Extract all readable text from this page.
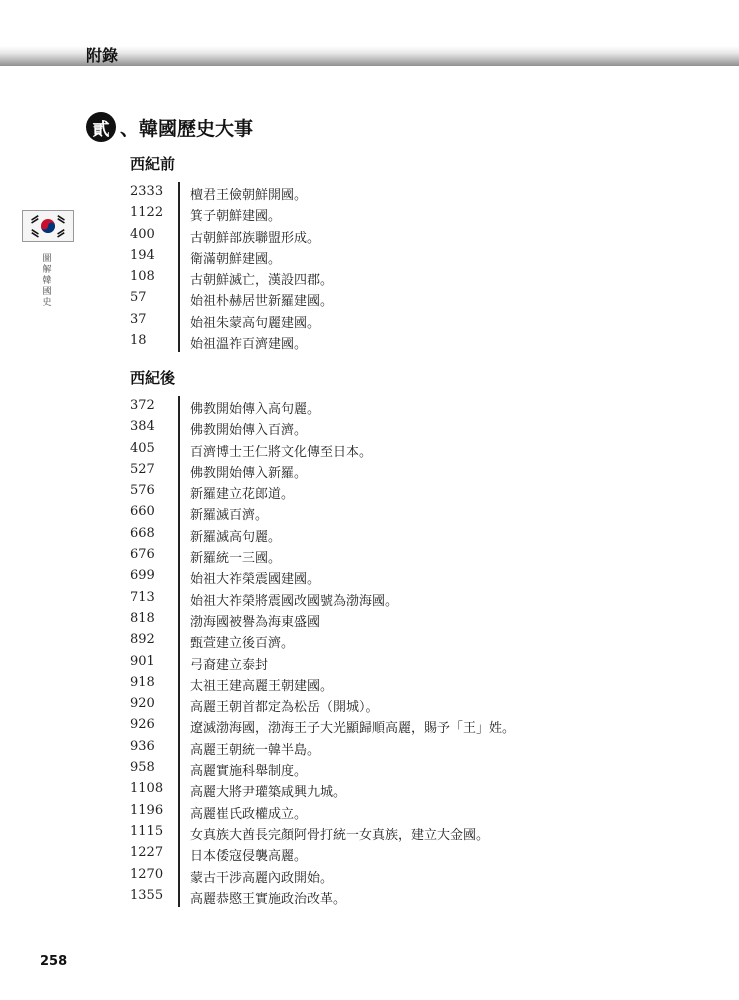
附錄
貳 、 韓國歷史大事
圖解韓國史
西紀前
2333 檀君王儉朝鮮開國。
1122 箕子朝鮮建國。
400	古朝鮮部族聯盟形成。
194	衛滿朝鮮建國。
108	古朝鮮滅亡，漢設四郡。
57	始祖朴赫居世新羅建國。
37	始祖朱蒙高句麗建國。
18	始祖溫祚百濟建國。
西紀後
372	佛教開始傳入高句麗。
384	佛教開始傳入百濟。
405	百濟博士王仁將文化傳至日本。
527	佛教開始傳入新羅。
576	新羅建立花郎道。
660	新羅滅百濟。
668	新羅滅高句麗。
676	新羅統一三國。
699	始祖大祚榮震國建國。
713	始祖大祚榮將震國改國號為渤海國。
818	渤海國被譽為海東盛國
892	甄萱建立後百濟。
901	弓裔建立泰封
918	太祖王建高麗王朝建國。
920	高麗王朝首都定為松岳（開城）。
926	遼滅渤海國，渤海王子大光顯歸順高麗，賜予「王」姓。
936	高麗王朝統一韓半島。
958	高麗實施科舉制度。
1108 高麗大將尹瓘築咸興九城。
1196 高麗崔氏政權成立。
1115 女真族大酋長完顏阿骨打統一女真族，建立大金國。
1227 日本倭寇侵襲高麗。
1270 蒙古干涉高麗內政開始。
1355 高麗恭愍王實施政治改革。
258
